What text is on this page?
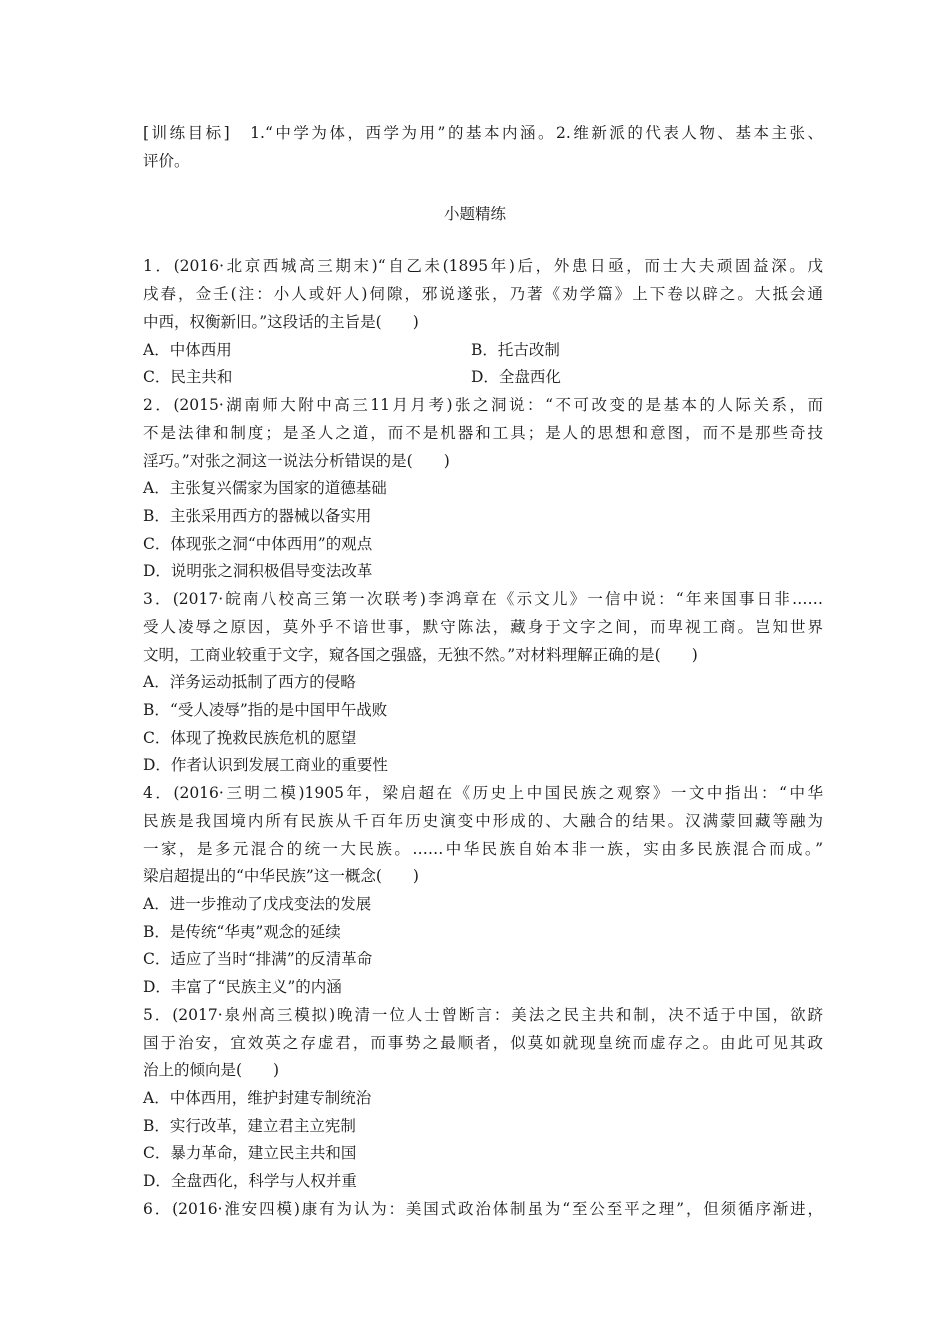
[训练目标]　1.“中学为体，西学为用”的基本内涵。2.维新派的代表人物、基本主张、
评价。
小题精练
1．(2016·北京西城高三期末)“自乙未(1895年)后，外患日亟，而士大夫顽固益深。戊
戌春，佥壬(注：小人或奸人)伺隙，邪说遂张，乃著《劝学篇》上下卷以辟之。大抵会通
中西，权衡新旧。”这段话的主旨是(　　)
A．中体西用	B．托古改制
C．民主共和	D．全盘西化
2．(2015·湖南师大附中高三11月月考)张之洞说：“不可改变的是基本的人际关系，而
不是法律和制度；是圣人之道，而不是机器和工具；是人的思想和意图，而不是那些奇技
淫巧。”对张之洞这一说法分析错误的是(　　)
A．主张复兴儒家为国家的道德基础
B．主张采用西方的器械以备实用
C．体现张之洞“中体西用”的观点
D．说明张之洞积极倡导变法改革
3．(2017·皖南八校高三第一次联考)李鸿章在《示文儿》一信中说：“年来国事日非……
受人凌辱之原因，莫外乎不谙世事，默守陈法，藏身于文字之间，而卑视工商。岂知世界
文明，工商业较重于文字，窥各国之强盛，无独不然。”对材料理解正确的是(　　)
A．洋务运动抵制了西方的侵略
B．“受人凌辱”指的是中国甲午战败
C．体现了挽救民族危机的愿望
D．作者认识到发展工商业的重要性
4．(2016·三明二模)1905年，梁启超在《历史上中国民族之观察》一文中指出：“中华
民族是我国境内所有民族从千百年历史演变中形成的、大融合的结果。汉满蒙回藏等融为
一家，是多元混合的统一大民族。……中华民族自始本非一族，实由多民族混合而成。”
梁启超提出的“中华民族”这一概念(　　)
A．进一步推动了戊戌变法的发展
B．是传统“华夷”观念的延续
C．适应了当时“排满”的反清革命
D．丰富了“民族主义”的内涵
5．(2017·泉州高三模拟)晚清一位人士曾断言：美法之民主共和制，决不适于中国，欲跻
国于治安，宜效英之存虚君，而事势之最顺者，似莫如就现皇统而虚存之。由此可见其政
治上的倾向是(　　)
A．中体西用，维护封建专制统治
B．实行改革，建立君主立宪制
C．暴力革命，建立民主共和国
D．全盘西化，科学与人权并重
6．(2016·淮安四模)康有为认为：美国式政治体制虽为“至公至平之理”，但须循序渐进，
